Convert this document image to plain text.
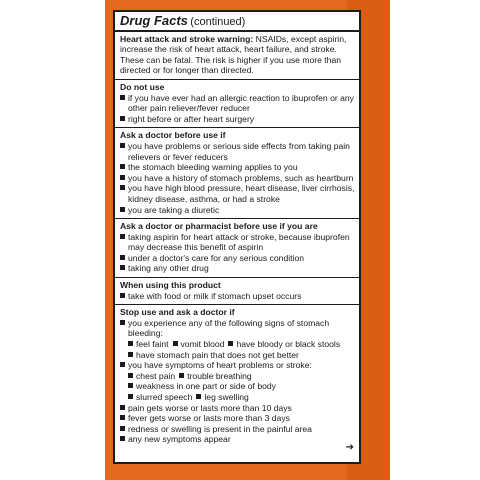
Drug Facts (continued)

Heart attack and stroke warning: NSAIDs, except aspirin, increase the risk of heart attack, heart failure, and stroke. These can be fatal. The risk is higher if you use more than directed or for longer than directed.

Do not use
if you have ever had an allergic reaction to ibuprofen or any other pain reliever/fever reducer
right before or after heart surgery
Ask a doctor before use if
you have problems or serious side effects from taking pain relievers or fever reducers
the stomach bleeding warning applies to you
you have a history of stomach problems, such as heartburn
you have high blood pressure, heart disease, liver cirrhosis, kidney disease, asthma, or had a stroke
you are taking a diuretic
Ask a doctor or pharmacist before use if you are
taking aspirin for heart attack or stroke, because ibuprofen may decrease this benefit of aspirin
under a doctor's care for any serious condition
taking any other drug
When using this product
take with food or milk if stomach upset occurs
Stop use and ask a doctor if
you experience any of the following signs of stomach bleeding:
feel faint vomit blood have bloody or black stools
have stomach pain that does not get better
you have symptoms of heart problems or stroke:
chest pain trouble breathing
weakness in one part or side of body
slurred speech leg swelling
pain gets worse or lasts more than 10 days
fever gets worse or lasts more than 3 days
redness or swelling is present in the painful area
any new symptoms appear
➔
